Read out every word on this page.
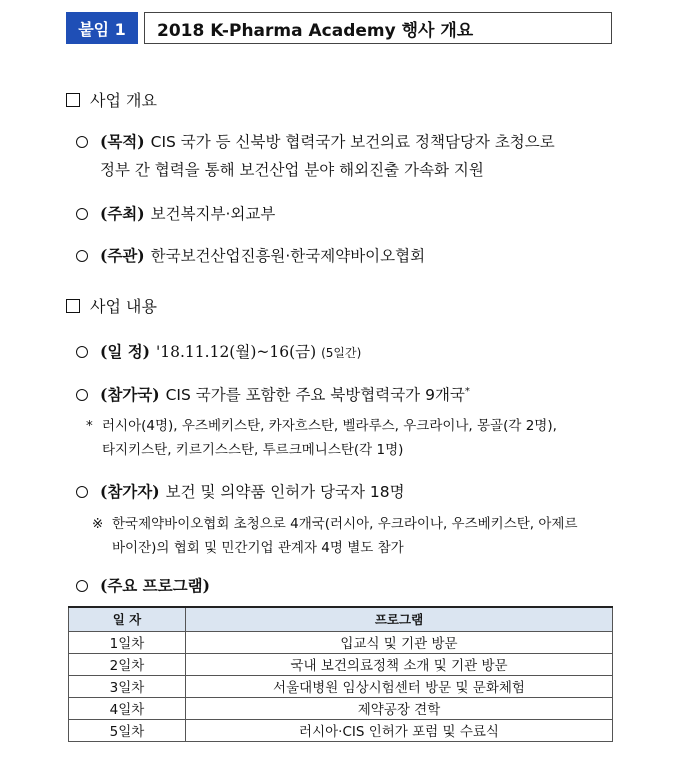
붙임 1	2018 K-Pharma Academy 행사 개요
사업 개요
(목적) CIS 국가 등 신북방 협력국가 보건의료 정책담당자 초청으로
정부 간 협력을 통해 보건산업 분야 해외진출 가속화 지원
(주최) 보건복지부·외교부
(주관) 한국보건산업진흥원·한국제약바이오협회
사업 내용
(일 정) '18.11.12(월)~16(금) (5일간)
(참가국) CIS 국가를 포함한 주요 북방협력국가 9개국*
* 러시아(4명), 우즈베키스탄, 카자흐스탄, 벨라루스, 우크라이나, 몽골(각 2명),
타지키스탄, 키르기스스탄, 투르크메니스탄(각 1명)
(참가자) 보건 및 의약품 인허가 당국자 18명
※ 한국제약바이오협회 초청으로 4개국(러시아, 우크라이나, 우즈베키스탄, 아제르
바이잔)의 협회 및 민간기업 관계자 4명 별도 참가
(주요 프로그램)
일 자	프로그램
1일차	입교식 및 기관 방문
2일차	국내 보건의료정책 소개 및 기관 방문
3일차	서울대병원 임상시험센터 방문 및 문화체험
4일차	제약공장 견학
5일차	러시아·CIS 인허가 포럼 및 수료식
